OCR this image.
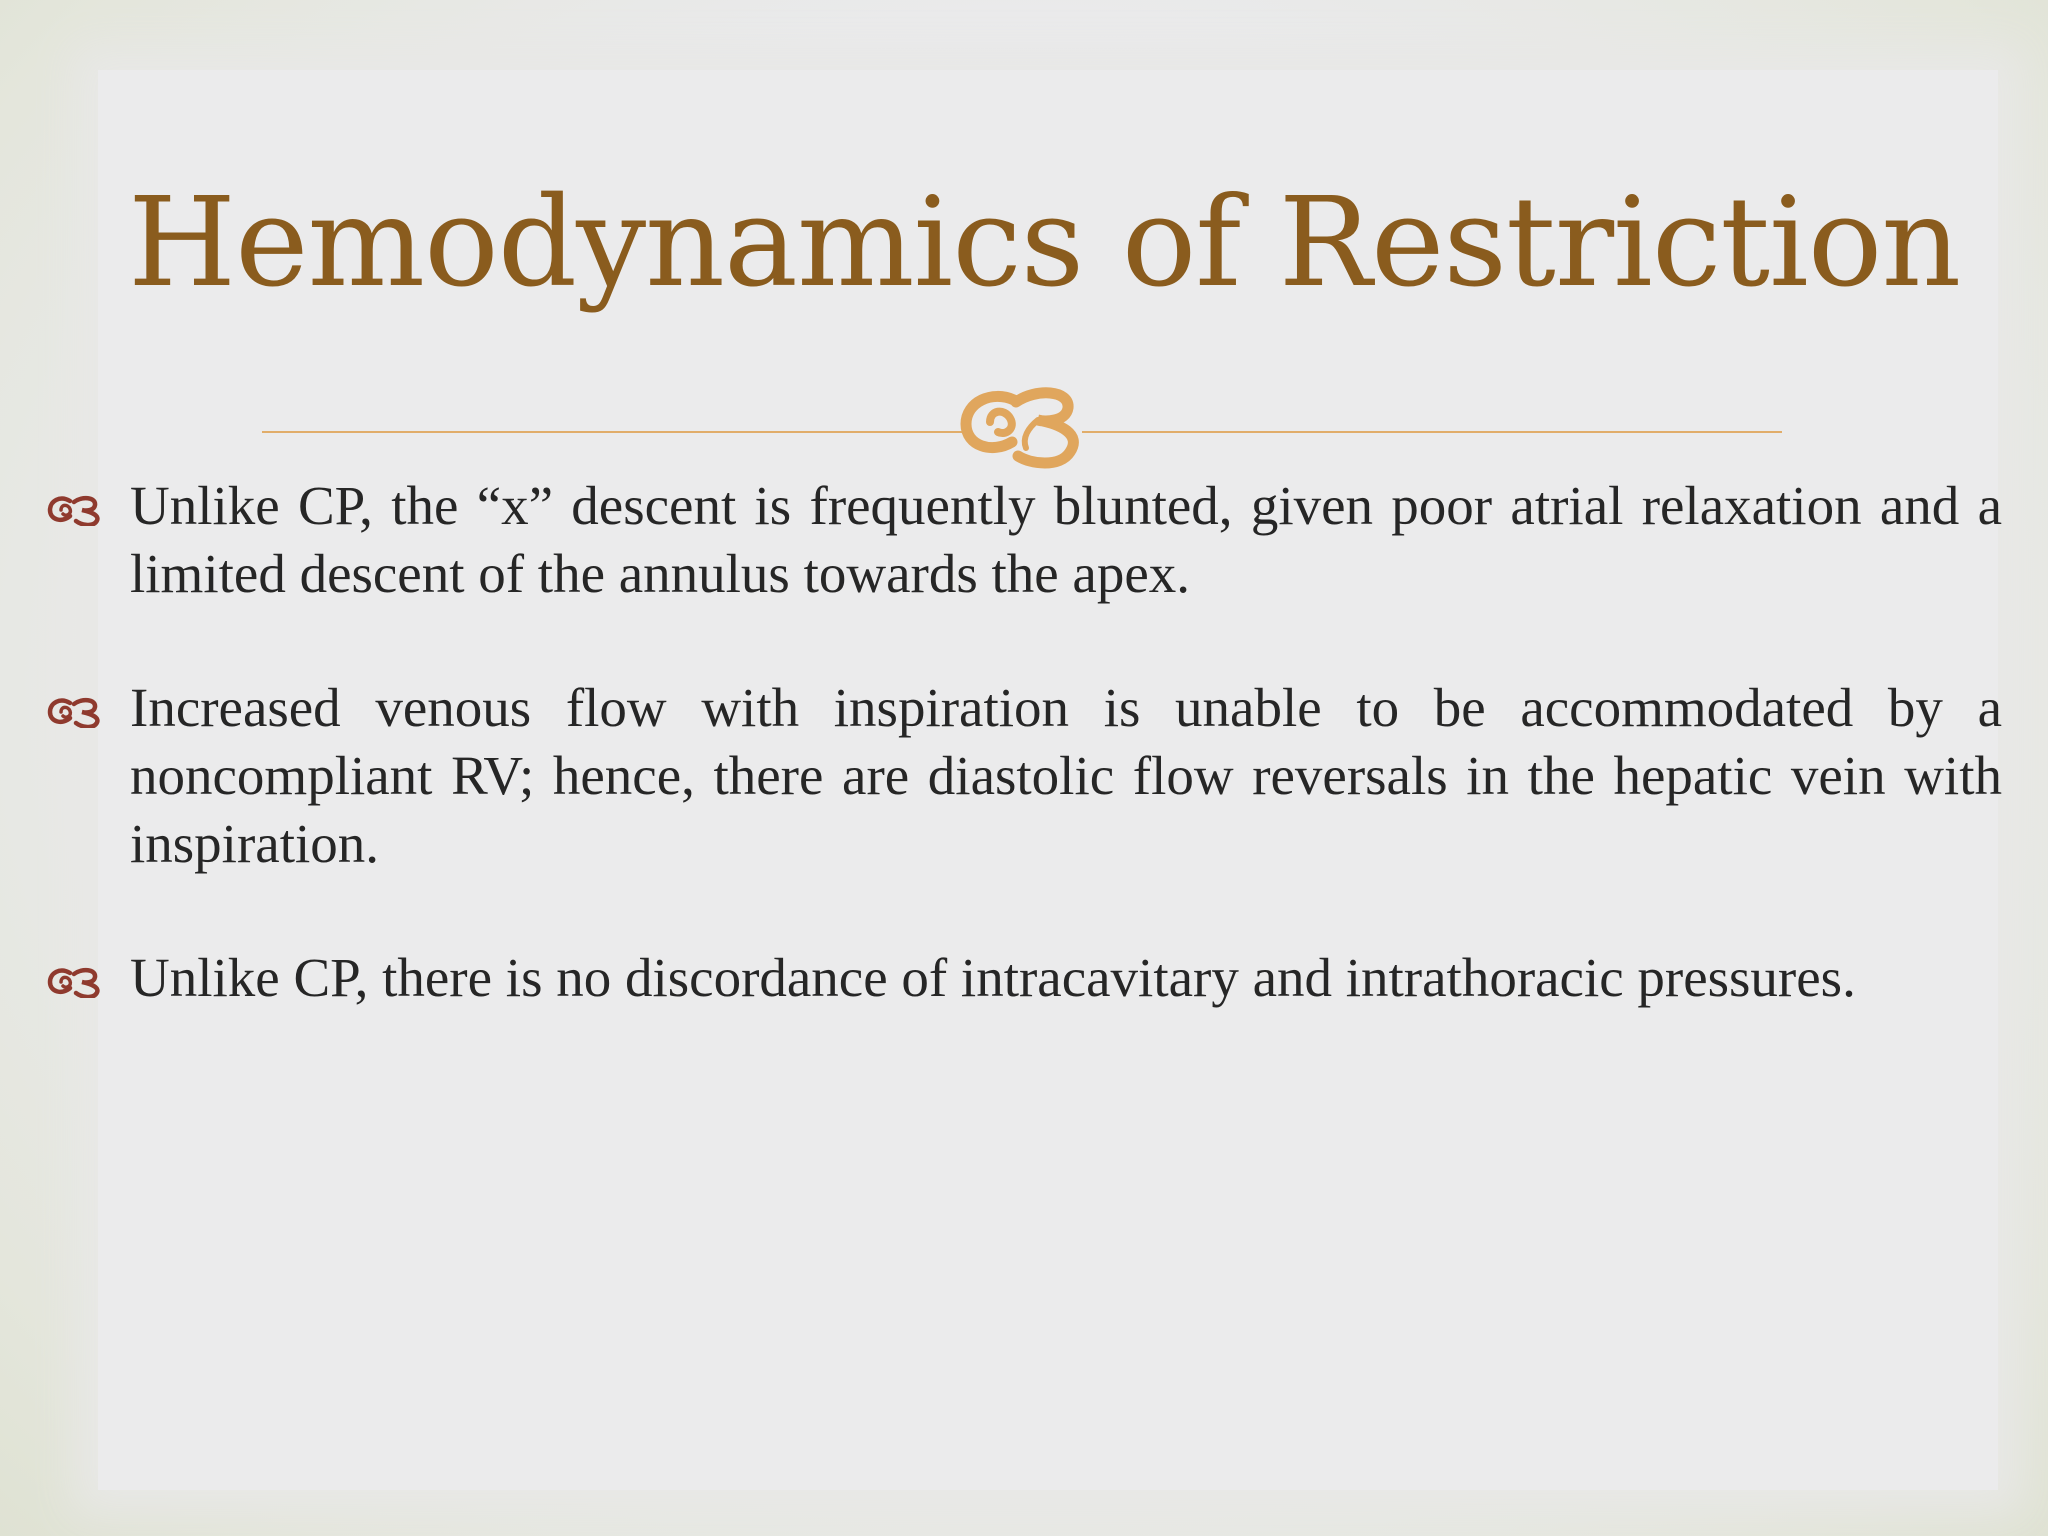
Hemodynamics of Restriction
Unlike CP, the “x” descent is frequently blunted, given poor atrial relaxation and a limited descent of the annulus towards the apex.
Increased venous flow with inspiration is unable to be accommodated by a noncompliant RV; hence, there are diastolic flow reversals in the hepatic vein with inspiration.
Unlike CP, there is no discordance of intracavitary and intrathoracic pressures.
